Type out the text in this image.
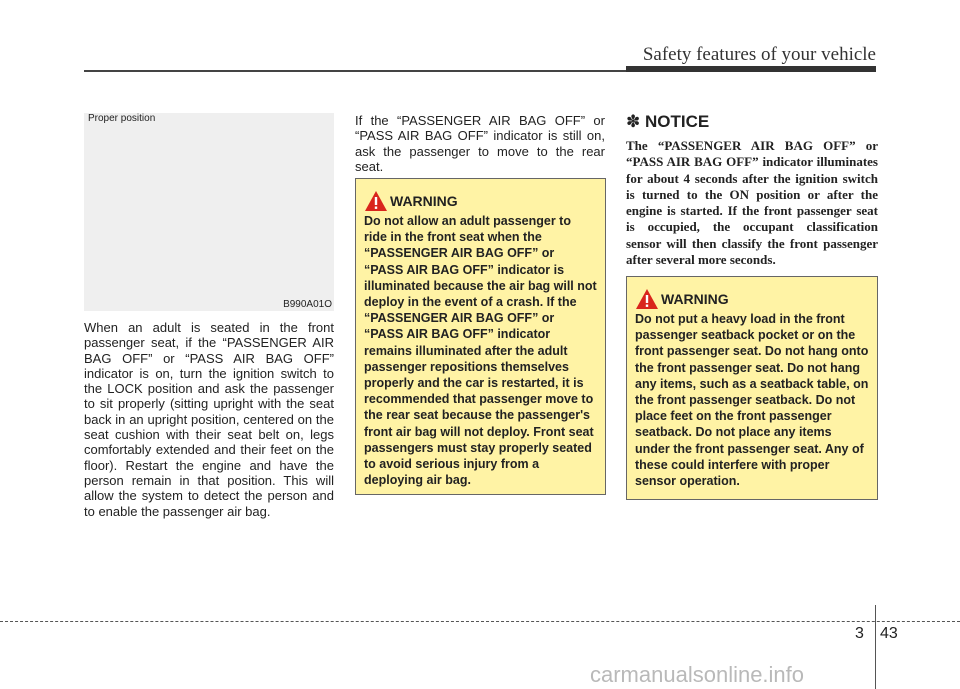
Safety features of your vehicle
Proper position
B990A01O

When an adult is seated in the front passenger seat, if the “PASSENGER AIR BAG OFF” or “PASS AIR BAG OFF” indicator is on, turn the ignition switch to the LOCK position and ask the passenger to sit properly (sitting upright with the seat back in an upright position, centered on the seat cushion with their seat belt on, legs comfortably extended and their feet on the floor). Restart the engine and have the person remain in that position. This will allow the system to detect the person and to enable the passenger air bag.

If the “PASSENGER AIR BAG OFF” or “PASS AIR BAG OFF” indicator is still on, ask the passenger to move to the rear seat.

WARNING

Do not allow an adult passenger to ride in the front seat when the “PASSENGER AIR BAG OFF” or “PASS AIR BAG OFF” indicator is illuminated because the air bag will not deploy in the event of a crash. If the “PASSENGER AIR BAG OFF” or “PASS AIR BAG OFF” indicator remains illuminated after the adult passenger repositions themselves properly and the car is restarted, it is recommended that passenger move to the rear seat because the passenger's front air bag will not deploy. Front seat passengers must stay properly seated to avoid serious injury from a deploying air bag.

✽ NOTICE

The “PASSENGER AIR BAG OFF” or “PASS AIR BAG OFF” indicator illuminates for about 4 seconds after the ignition switch is turned to the ON position or after the engine is started. If the front passenger seat is occupied, the occupant classification sensor will then classify the front passenger after several more seconds.

WARNING

Do not put a heavy load in the front passenger seatback pocket or on the front passenger seat. Do not hang onto the front passenger seat. Do not hang any items, such as a seatback table, on the front passenger seatback. Do not place feet on the front passenger seatback. Do not place any items under the front passenger seat. Any of these could interfere with proper sensor operation.

3 43
carmanualsonline.info
